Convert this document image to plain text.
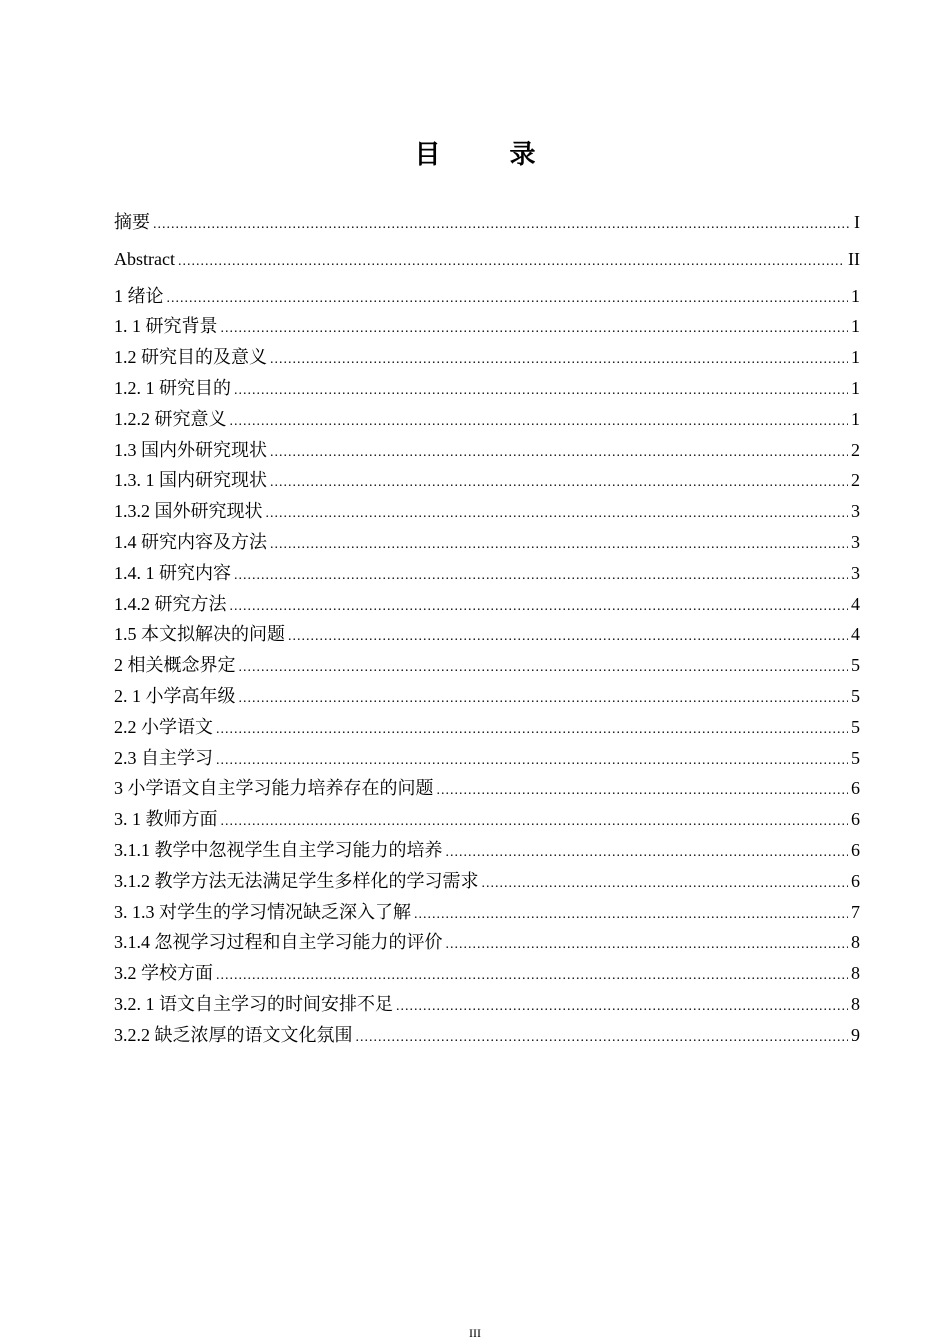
目 录
摘要 .....	I
Abstract .....	II
1 绪论 .....	1
1. 1 研究背景 .....	1
1.2 研究目的及意义 .....	1
1.2. 1 研究目的 .....	1
1.2.2 研究意义 .....	1
1.3 国内外研究现状 .....	2
1.3. 1 国内研究现状 .....	2
1.3.2 国外研究现状 .....	3
1.4 研究内容及方法 .....	3
1.4. 1 研究内容 .....	3
1.4.2 研究方法 .....	4
1.5 本文拟解决的问题 .....	4
2 相关概念界定 .....	5
2. 1 小学高年级 .....	5
2.2 小学语文 .....	5
2.3 自主学习 .....	5
3 小学语文自主学习能力培养存在的问题 .....	6
3. 1 教师方面 .....	6
3.1.1 教学中忽视学生自主学习能力的培养 .....	6
3.1.2 教学方法无法满足学生多样化的学习需求 .....	6
3. 1.3 对学生的学习情况缺乏深入了解 .....	7
3.1.4 忽视学习过程和自主学习能力的评价 .....	8
3.2 学校方面 .....	8
3.2. 1 语文自主学习的时间安排不足 .....	8
3.2.2 缺乏浓厚的语文文化氛围 .....	9
III
